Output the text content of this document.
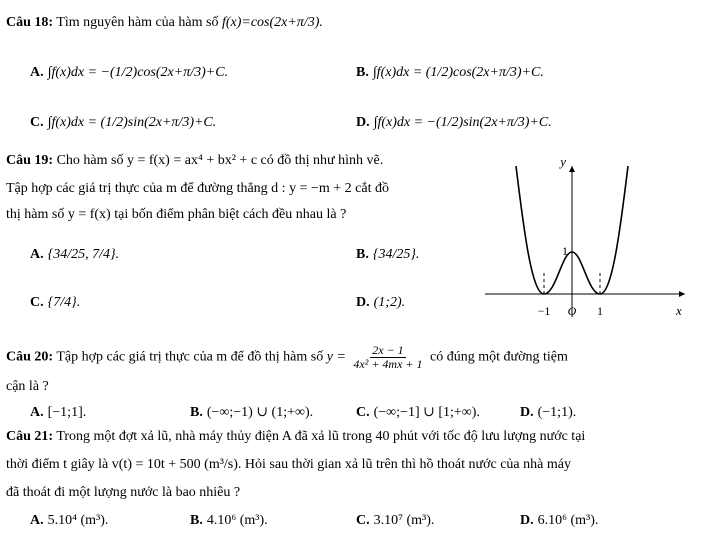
Câu 18: Tìm nguyên hàm của hàm số f(x)=cos(2x+π/3).
A. ∫f(x)dx = −(1/2)cos(2x+π/3)+C.	B. ∫f(x)dx = (1/2)cos(2x+π/3)+C.
C. ∫f(x)dx = (1/2)sin(2x+π/3)+C.	D. ∫f(x)dx = −(1/2)sin(2x+π/3)+C.
Câu 19: Cho hàm số y = f(x) = ax⁴ + bx² + c có đồ thị như hình vẽ.
Tập hợp các giá trị thực của m để đường thẳng d : y = −m + 2 cắt đồ
thị hàm số y = f(x) tại bốn điểm phân biệt cách đều nhau là ?
A. {34/25, 7/4}.	B. {34/25}.
C. {7/4}.	D. (1;2).
y
x
1
−1 O 1
Câu 20: Tập hợp các giá trị thực của m để đồ thị hàm số $y = \frac{2x - 1}{\text{4x² + 4mx + 1}}$ có đúng một đường tiệm
cận là ?
A. [−1;1].	B. (−∞;−1) ∪ (1;+∞).	C. (−∞;−1] ∪ [1;+∞).	D. (−1;1).
Câu 21: Trong một đợt xả lũ, nhà máy thủy điện A đã xả lũ trong 40 phút với tốc độ lưu lượng nước tại
thời điểm t giây là v(t) = 10t + 500 (m³/s). Hỏi sau thời gian xả lũ trên thì hồ thoát nước của nhà máy
đã thoát đi một lượng nước là bao nhiêu ?
A. 5.10⁴ (m³).	B. 4.10⁶ (m³).	C. 3.10⁷ (m³).	D. 6.10⁶ (m³).
